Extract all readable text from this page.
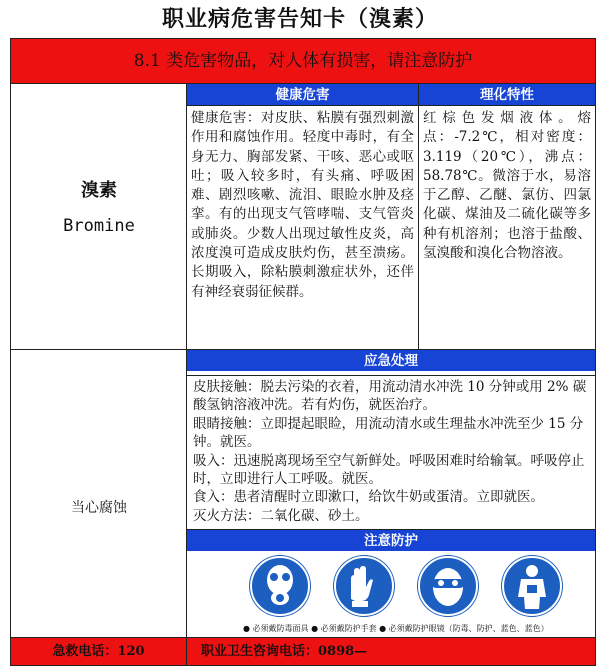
职业病危害告知卡（溴素）
8.1 类危害物品，对人体有损害，请注意防护
溴素
Bromine
健康危害	理化特性
健康危害：对皮肤、粘膜有强烈刺激作用和腐蚀作用。轻度中毒时，有全身无力、胸部发紧、干咳、恶心或呕吐；吸入较多时，有头痛、呼吸困难、剧烈咳嗽、流泪、眼睑水肿及痉挛。有的出现支气管哮喘、支气管炎或肺炎。少数人出现过敏性皮炎，高浓度溴可造成皮肤灼伤，甚至溃疡。长期吸入，除粘膜刺激症状外，还伴有神经衰弱征候群。
红棕色发烟液体。熔点：-7.2℃，相对密度：3.119（20℃），沸点：58.78℃。微溶于水，易溶于乙醇、乙醚、氯仿、四氯化碳、煤油及二硫化碳等多种有机溶剂；也溶于盐酸、氢溴酸和溴化合物溶液。
当心腐蚀
应急处理

皮肤接触：脱去污染的衣着，用流动清水冲洗 10 分钟或用 2% 碳酸氢钠溶液冲洗。若有灼伤，就医治疗。

眼睛接触：立即提起眼睑，用流动清水或生理盐水冲洗至少 15 分钟。就医。

吸入：迅速脱离现场至空气新鲜处。呼吸困难时给输氧。呼吸停止时，立即进行人工呼吸。就医。

食入：患者清醒时立即漱口，给饮牛奶或蛋清。立即就医。

灭火方法：二氧化碳、砂土。

注意防护
● 必须戴防毒面具 ● 必须戴防护手套 ● 必须戴防护眼镜（防毒、防护、蓝色、蓝色）
急救电话：120	职业卫生咨询电话：0898—
